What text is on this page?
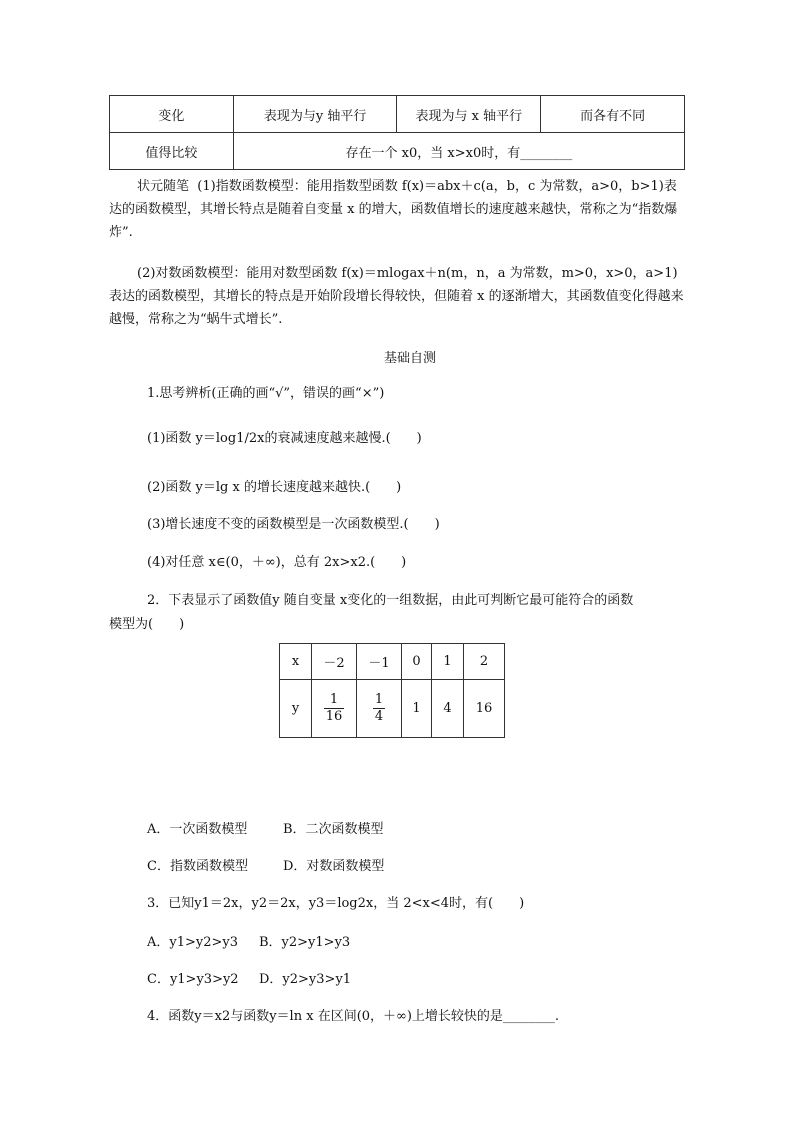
变化	表现为与y 轴平行	表现为与 x 轴平行	而各有不同
值得比较	存在一个 x0，当 x>x0时，有________		
状元随笔 (1)指数函数模型：能用指数型函数 f(x)＝abx＋c(a，b，c 为常数，a>0，b>1)表达的函数模型，其增长特点是随着自变量 x 的增大，函数值增长的速度越来越快，常称之为“指数爆炸”.
(2)对数函数模型：能用对数型函数 f(x)＝mlogax＋n(m，n，a 为常数，m>0，x>0，a>1)表达的函数模型，其增长的特点是开始阶段增长得较快，但随着 x 的逐渐增大，其函数值变化得越来越慢，常称之为“蜗牛式增长”.
基础自测
1.思考辨析(正确的画“√”，错误的画“×”)
(1)函数 y＝log1/2x的衰减速度越来越慢.(　　)
(2)函数 y＝lg x 的增长速度越来越快.(　　)
(3)增长速度不变的函数模型是一次函数模型.(　　)
(4)对任意 x∈(0，＋∞)，总有 2x>x2.(　　)
2．下表显示了函数值y 随自变量 x变化的一组数据，由此可判断它最可能符合的函数
模型为(　　)
x	－2	－1	0	1	2
y	$\frac{1}{16}$	$\frac{1}{4}$	1	4	16
A．一次函数模型	B．二次函数模型
C．指数函数模型	D．对数函数模型
3．已知y1＝2x，y2＝2x，y3＝log2x，当 2<x<4时，有(　　)
A．y1>y2>y3 B．y2>y1>y3
C．y1>y3>y2 D．y2>y3>y1
4．函数y＝x2与函数y＝ln x 在区间(0，＋∞)上增长较快的是________.
